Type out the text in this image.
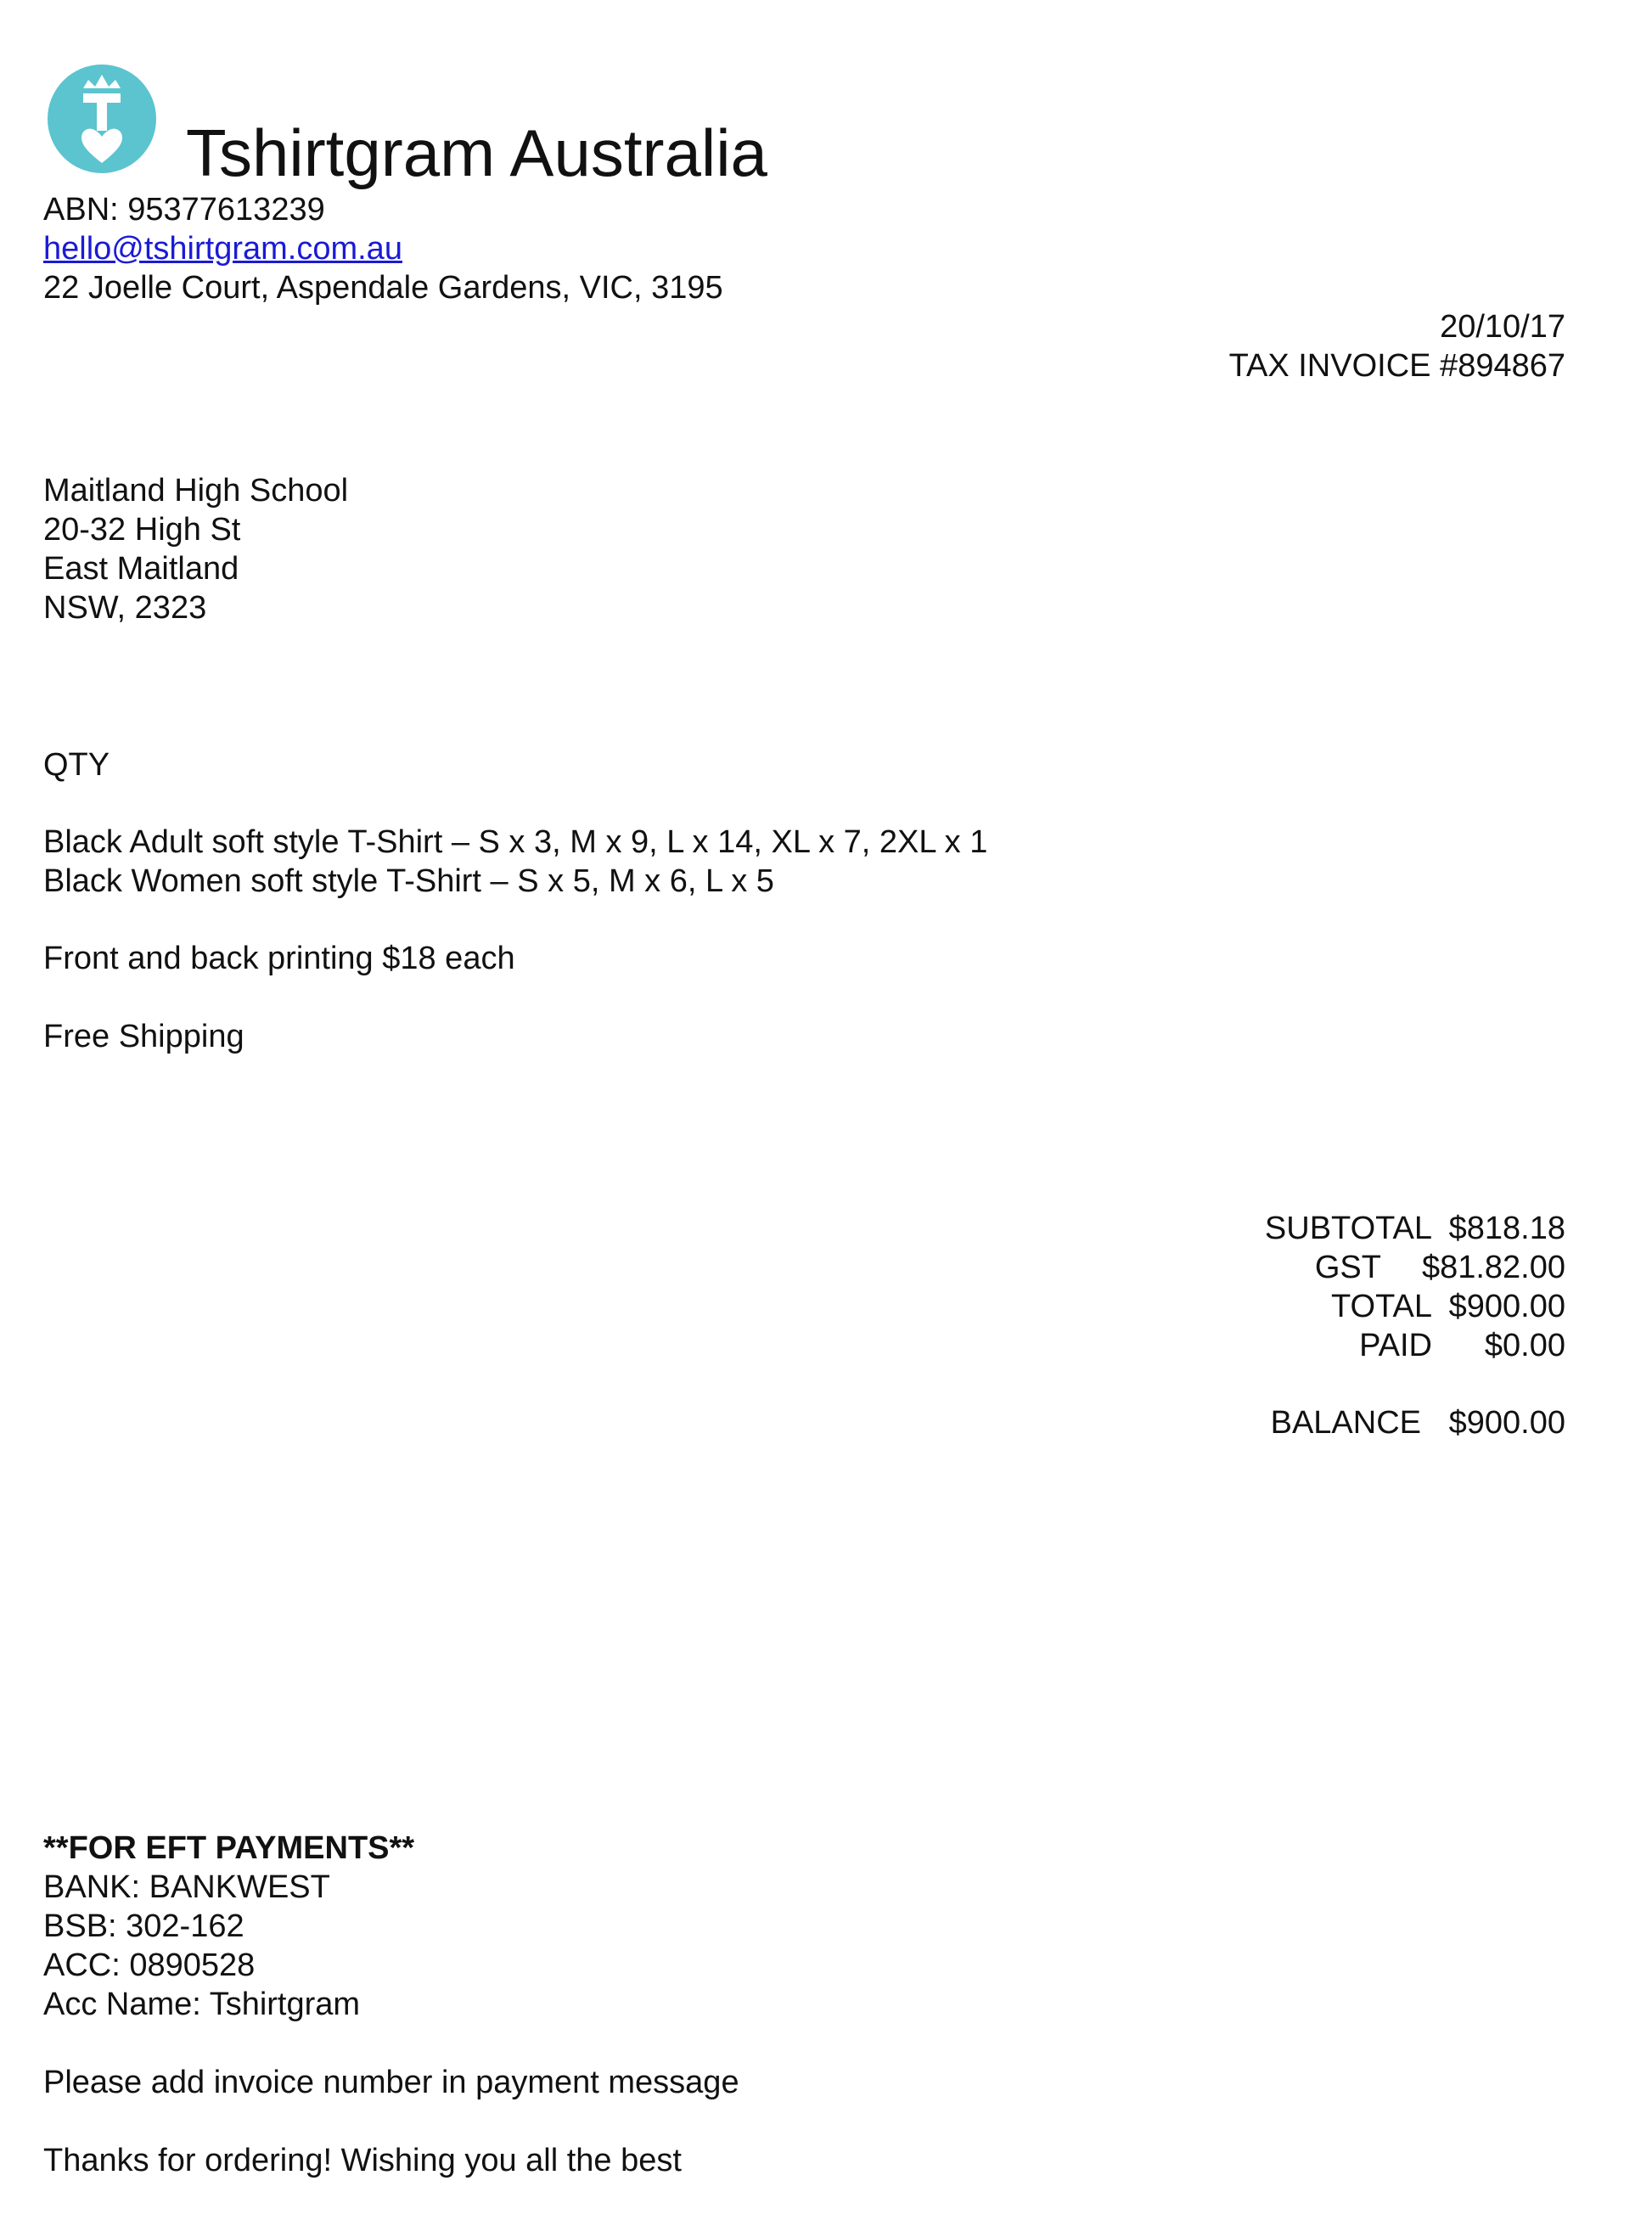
Tshirtgram Australia
ABN: 95377613239
hello@tshirtgram.com.au
22 Joelle Court, Aspendale Gardens, VIC, 3195
20/10/17
TAX INVOICE #894867
Maitland High School
20-32 High St
East Maitland
NSW, 2323
QTY
Black Adult soft style T-Shirt – S x 3, M x 9, L x 14, XL x 7, 2XL x 1
Black Women soft style T-Shirt – S x 5, M x 6, L x 5
Front and back printing $18 each
Free Shipping
SUBTOTAL $818.18
GST $81.82.00
TOTAL $900.00
PAID $0.00
BALANCE $900.00
**FOR EFT PAYMENTS**
BANK: BANKWEST
BSB: 302-162
ACC: 0890528
Acc Name: Tshirtgram
Please add invoice number in payment message
Thanks for ordering! Wishing you all the best
